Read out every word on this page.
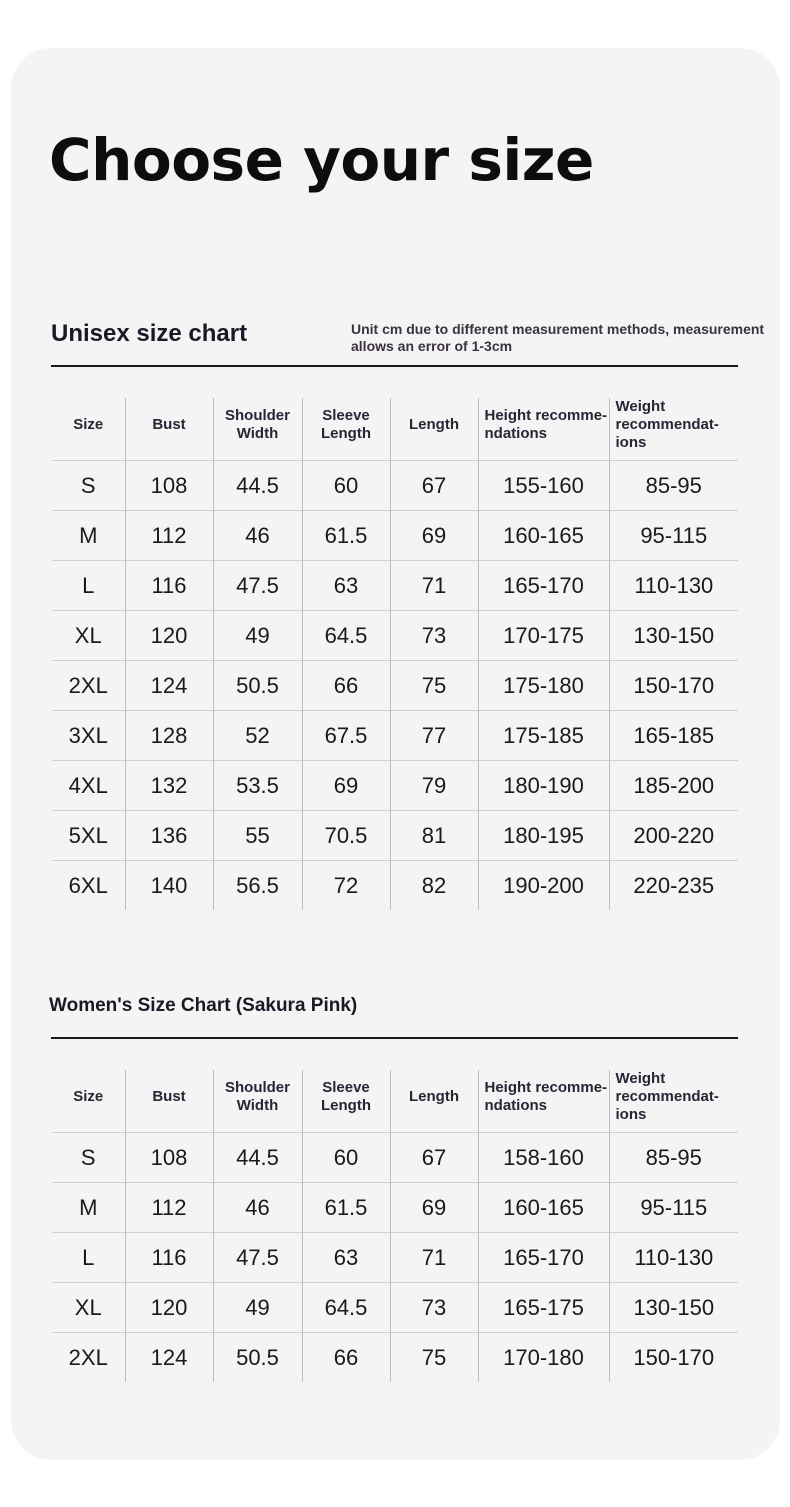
Choose your size
Unisex size chart	Unit cm due to different measurement methods, measurement allows an error of 1-3cm
Size	Bust	Shoulder Width	Sleeve Length	Length	Height recomme-ndations	Weight recommendat-ions
S	108	44.5	60	67	155-160	85-95
M	112	46	61.5	69	160-165	95-115
L	116	47.5	63	71	165-170	110-130
XL	120	49	64.5	73	170-175	130-150
2XL	124	50.5	66	75	175-180	150-170
3XL	128	52	67.5	77	175-185	165-185
4XL	132	53.5	69	79	180-190	185-200
5XL	136	55	70.5	81	180-195	200-220
6XL	140	56.5	72	82	190-200	220-235
Women's Size Chart (Sakura Pink)
Size	Bust	Shoulder Width	Sleeve Length	Length	Height recomme-ndations	Weight recommendat-ions
S	108	44.5	60	67	158-160	85-95
M	112	46	61.5	69	160-165	95-115
L	116	47.5	63	71	165-170	110-130
XL	120	49	64.5	73	165-175	130-150
2XL	124	50.5	66	75	170-180	150-170
